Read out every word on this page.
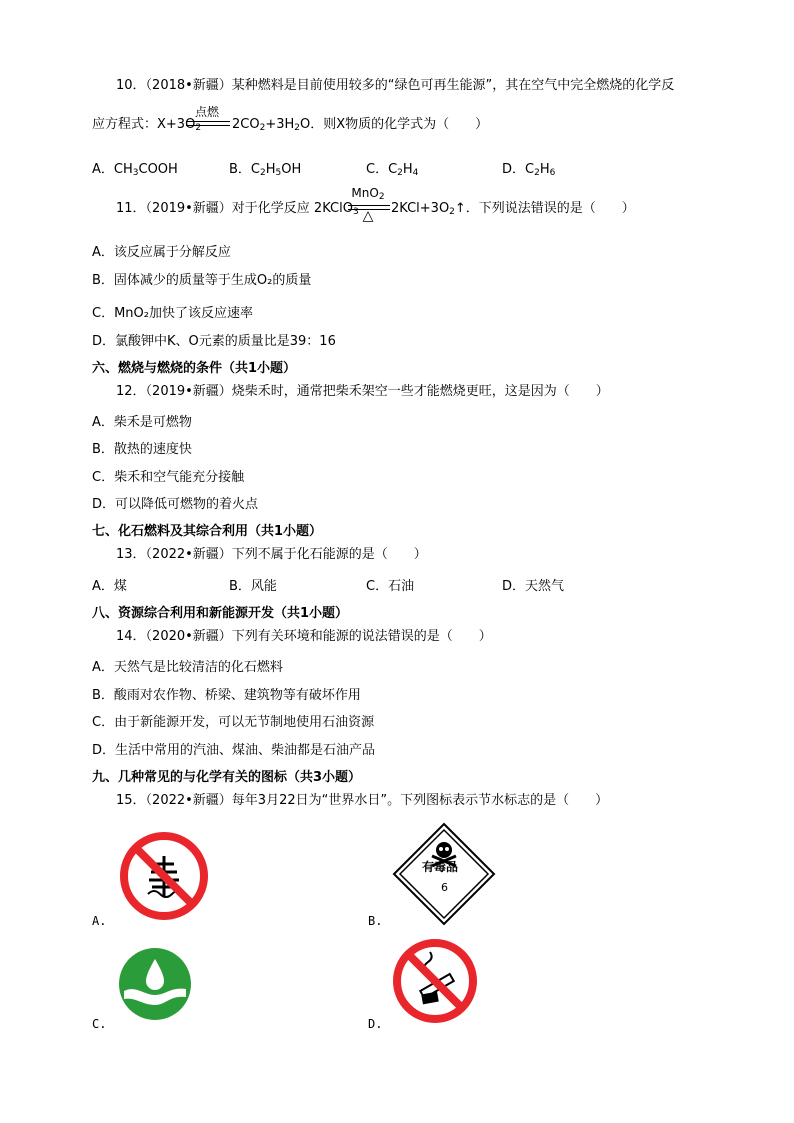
10．（2018•新疆）某种燃料是目前使用较多的“绿色可再生能源”，其在空气中完全燃烧的化学反
应方程式：$X+3O_2$
点燃
$2CO_2+3H_2O$．则X物质的化学式为（　　）
A．$CH_3COOH$	B．$C_2H_5OH$	C．$C_2H_4$	D．$C_2H_6$
11．（2019•新疆）对于化学反应 2KClO$_3$
MnO$_2$
△	$2KCl+3O_2↑$．下列说法错误的是（　　）
A．该反应属于分解反应
B．固体减少的质量等于生成O₂的质量
C．MnO₂加快了该反应速率
D．氯酸钾中K、O元素的质量比是39：16
六、燃烧与燃烧的条件（共1小题）
12．（2019•新疆）烧柴禾时，通常把柴禾架空一些才能燃烧更旺，这是因为（　　）
A．柴禾是可燃物
B．散热的速度快
C．柴禾和空气能充分接触
D．可以降低可燃物的着火点
七、化石燃料及其综合利用（共1小题）
13．（2022•新疆）下列不属于化石能源的是（　　）
A．煤	B．风能	C．石油	D．天然气
八、资源综合利用和新能源开发（共1小题）
14．（2020•新疆）下列有关环境和能源的说法错误的是（　　）
A．天然气是比较清洁的化石燃料
B．酸雨对农作物、桥梁、建筑物等有破坏作用
C．由于新能源开发，可以无节制地使用石油资源
D．生活中常用的汽油、煤油、柴油都是石油产品
九、几种常见的与化学有关的图标（共3小题）
15．（2022•新疆）每年3月22日为“世界水日”。下列图标表示节水标志的是（　　）
A.
有毒品
6
B.
C.	D.
